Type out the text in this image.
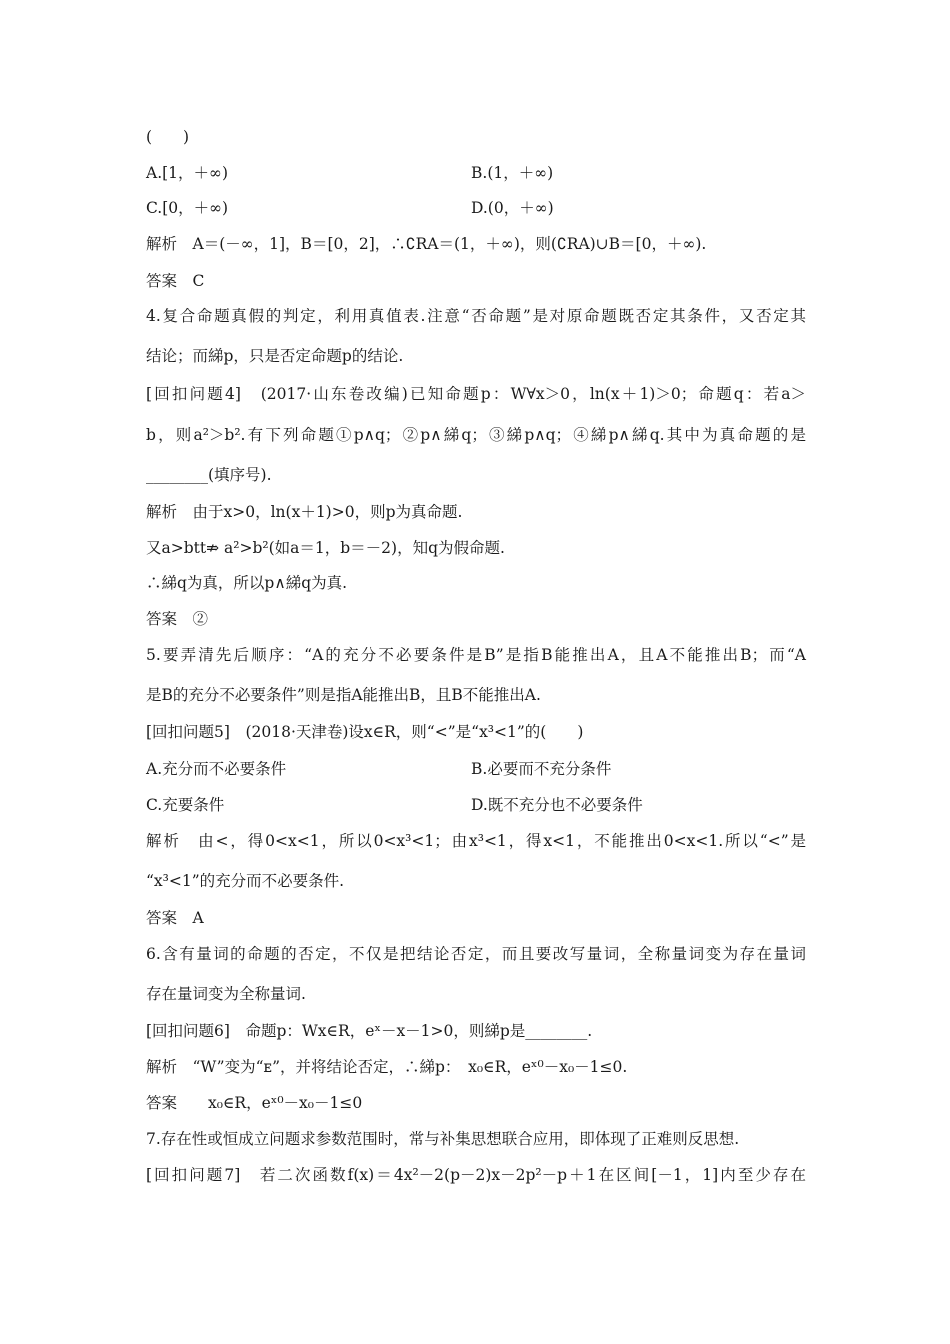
(　　)
A.[1，＋∞)	B.(1，＋∞)
C.[0，＋∞)	D.(0，＋∞)
解析　A＝(－∞，1]，B＝[0，2]，∴∁RA＝(1，＋∞)，则(∁RA)∪B＝[0，＋∞).
答案　C
4.复合命题真假的判定，利用真值表.注意“否命题”是对原命题既否定其条件，又否定其
结论；而綈p，只是否定命题p的结论.
[回扣问题4]　(2017·山东卷改编)已知命题p：W∀x＞0，ln(x＋1)＞0；命题q：若a＞
b，则a²＞b².有下列命题①p∧q；②p∧綈q；③綈p∧q；④綈p∧綈q.其中为真命题的是
________(填序号).
解析　由于x>0，ln(x＋1)>0，则p为真命题.
又a>btt⇏ a²>b²(如a＝1，b＝－2)，知q为假命题.
∴綈q为真，所以p∧綈q为真.
答案　②
5.要弄清先后顺序：“A的充分不必要条件是B”是指B能推出A，且A不能推出B；而“A
是B的充分不必要条件”则是指A能推出B，且B不能推出A.
[回扣问题5]　(2018·天津卷)设x∈R，则“<”是“x³<1”的(　　)
A.充分而不必要条件	B.必要而不充分条件
C.充要条件	D.既不充分也不必要条件
解析　由<，得0<x<1，所以0<x³<1；由x³<1，得x<1，不能推出0<x<1.所以“<”是
“x³<1”的充分而不必要条件.
答案　A
6.含有量词的命题的否定，不仅是把结论否定，而且要改写量词，全称量词变为存在量词
存在量词变为全称量词.
[回扣问题6]　命题p：Wx∈R，eˣ－x－1>0，则綈p是________.
解析　“W”变为“ᴇ”，并将结论否定，∴綈p：　x₀∈R，eˣ⁰－x₀－1≤0.
答案　　x₀∈R，eˣ⁰－x₀－1≤0
7.存在性或恒成立问题求参数范围时，常与补集思想联合应用，即体现了正难则反思想.
[回扣问题7]　若二次函数f(x)＝4x²－2(p－2)x－2p²－p＋1在区间[－1，1]内至少存在
